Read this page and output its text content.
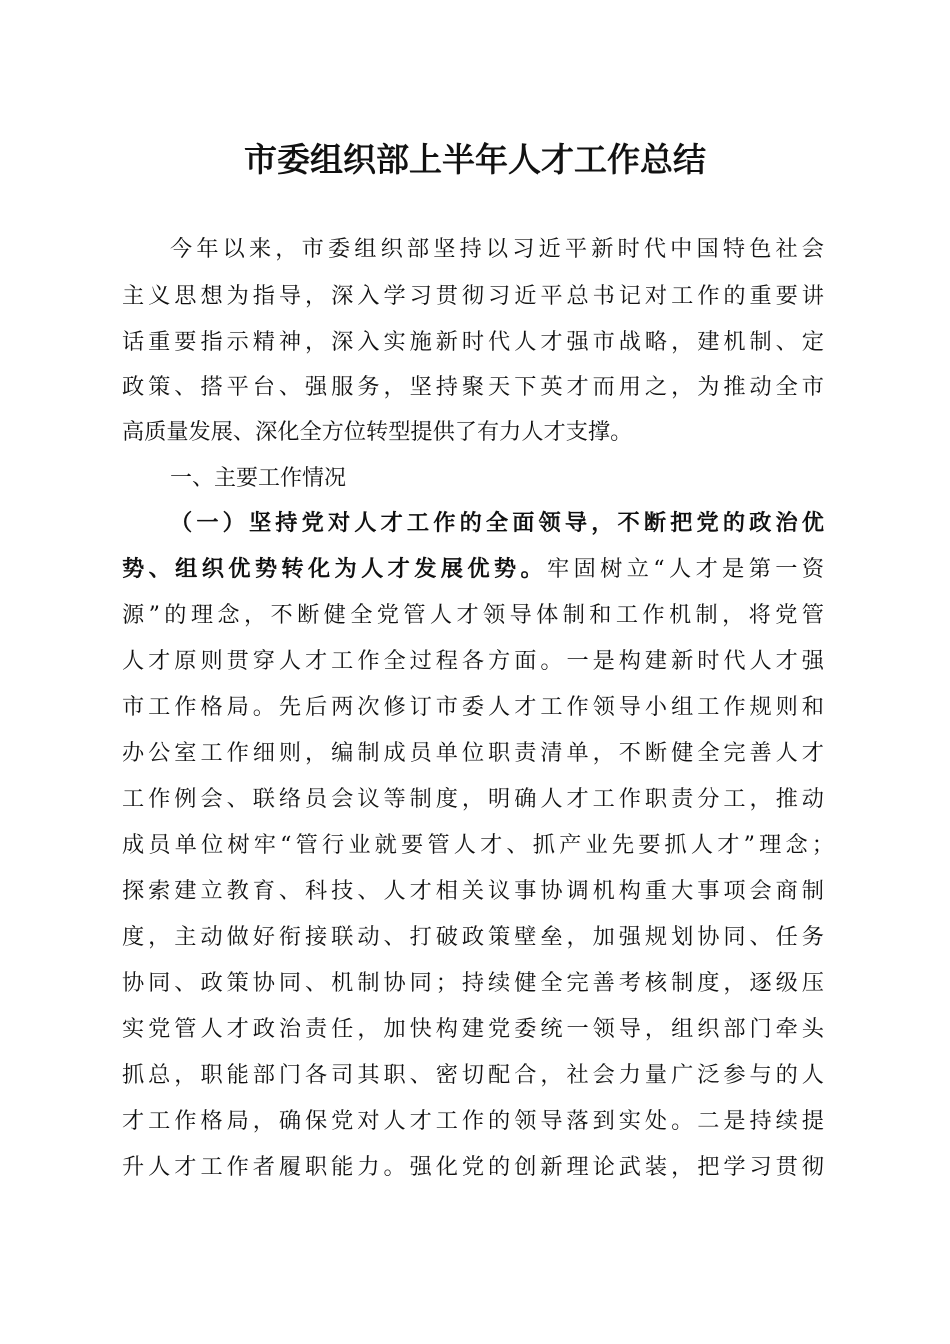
市委组织部上半年人才工作总结
今年以来，市委组织部坚持以习近平新时代中国特色社会
主义思想为指导，深入学习贯彻习近平总书记对工作的重要讲
话重要指示精神，深入实施新时代人才强市战略，建机制、定
政策、搭平台、强服务，坚持聚天下英才而用之，为推动全市
高质量发展、深化全方位转型提供了有力人才支撑。
一、主要工作情况
（一）坚持党对人才工作的全面领导，不断把党的政治优
势、组织优势转化为人才发展优势。牢固树立“人才是第一资
源”的理念，不断健全党管人才领导体制和工作机制，将党管
人才原则贯穿人才工作全过程各方面。一是构建新时代人才强
市工作格局。先后两次修订市委人才工作领导小组工作规则和
办公室工作细则，编制成员单位职责清单，不断健全完善人才
工作例会、联络员会议等制度，明确人才工作职责分工，推动
成员单位树牢“管行业就要管人才、抓产业先要抓人才”理念；
探索建立教育、科技、人才相关议事协调机构重大事项会商制
度，主动做好衔接联动、打破政策壁垒，加强规划协同、任务
协同、政策协同、机制协同；持续健全完善考核制度，逐级压
实党管人才政治责任，加快构建党委统一领导，组织部门牵头
抓总，职能部门各司其职、密切配合，社会力量广泛参与的人
才工作格局，确保党对人才工作的领导落到实处。二是持续提
升人才工作者履职能力。强化党的创新理论武装，把学习贯彻
